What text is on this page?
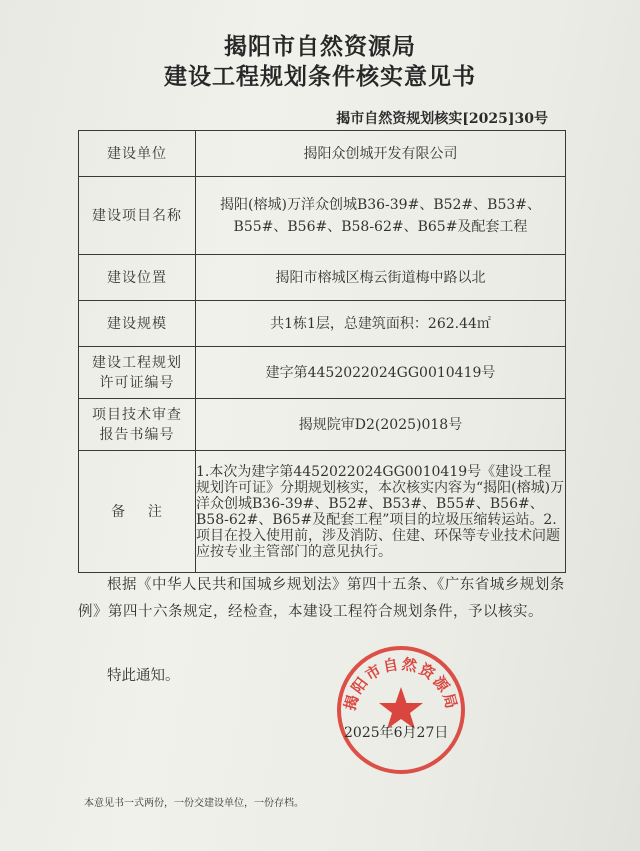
揭阳市自然资源局
建设工程规划条件核实意见书
揭市自然资规划核实[2025]30号
建设单位	揭阳众创城开发有限公司
建设项目名称	揭阳(榕城)万洋众创城B36-39#、B52#、B53#、B55#、B56#、B58-62#、B65#及配套工程
建设位置	揭阳市榕城区梅云街道梅中路以北
建设规模	共1栋1层，总建筑面积：262.44㎡

建设工程规划许可证编号	建字第4452022024GG0010419号

项目技术审查报告书编号	揭规院审D2(2025)018号
备    注	1.本次为建字第4452022024GG0010419号《建设工程规划许可证》分期规划核实，本次核实内容为“揭阳(榕城)万洋众创城B36-39#、B52#、B53#、B55#、B56#、B58-62#、B65#及配套工程”项目的垃圾压缩转运站。2.项目在投入使用前，涉及消防、住建、环保等专业技术问题应按专业主管部门的意见执行。
根据《中华人民共和国城乡规划法》第四十五条、《广东省城乡规划条例》第四十六条规定，经检查，本建设工程符合规划条件，予以核实。
特此通知。
揭阳市自然资源局
2025年6月27日
本意见书一式两份，一份交建设单位，一份存档。
